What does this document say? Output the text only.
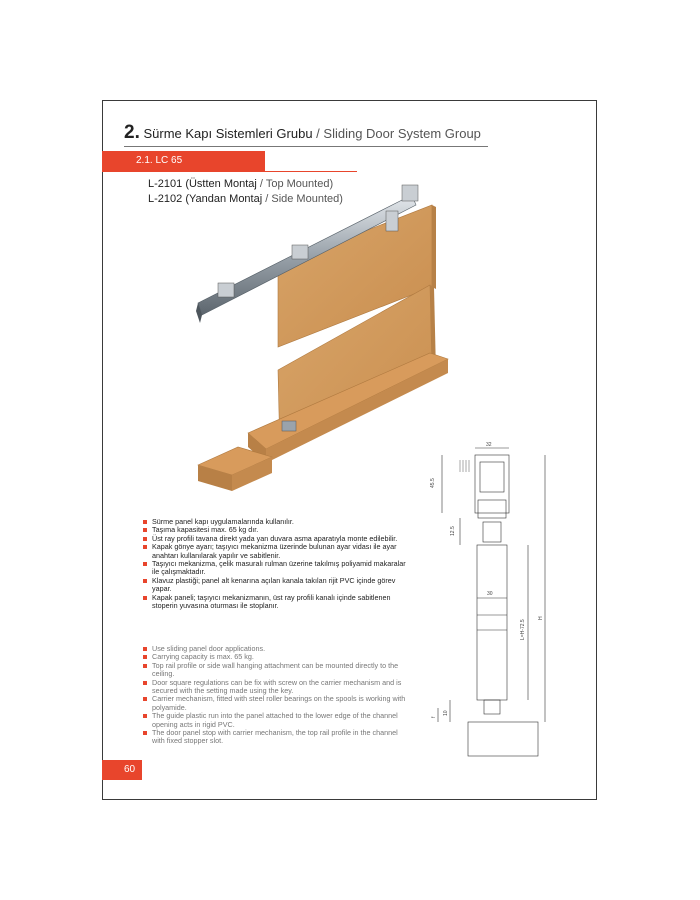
2. Sürme Kapı Sistemleri Grubu / Sliding Door System Group
2.1. LC 65
L-2101 (Üstten Montaj / Top Mounted)
L-2102 (Yandan Montaj / Side Mounted)
32
45.5
12.5
30
L=H-72.5
H
10
f
Sürme panel kapı uygulamalarında kullanılır.
Taşıma kapasitesi max. 65 kg dır.
Üst ray profili tavana direkt yada yan duvara asma aparatıyla monte edilebilir.
Kapak gönye ayarı; taşıyıcı mekanizma üzerinde bulunan ayar vidası ile ayar anahtarı kullanılarak yapılır ve sabitlenir.
Taşıyıcı mekanizma, çelik masuralı rulman üzerine takılmış poliyamid makaralar ile çalışmaktadır.
Klavuz plastiği; panel alt kenarına açılan kanala takılan rijit PVC içinde görev yapar.
Kapak paneli; taşıyıcı mekanizmanın, üst ray profili kanalı içinde sabitlenen stoperin yuvasına oturması ile stoplanır.
Use sliding panel door applications.
Carrying capacity is max. 65 kg.
Top rail profile or side wall hanging attachment can be mounted directly to the ceiling.
Door square regulations can be fix with screw on the carrier mechanism and is secured with the setting made using the key.
Carrier mechanism, fitted with steel roller bearings on the spools is working with polyamide.
The guide plastic run into the panel attached to the lower edge of the channel opening acts in rigid PVC.
The door panel stop with carrier mechanism, the top rail profile in the channel with fixed stopper slot.
60
